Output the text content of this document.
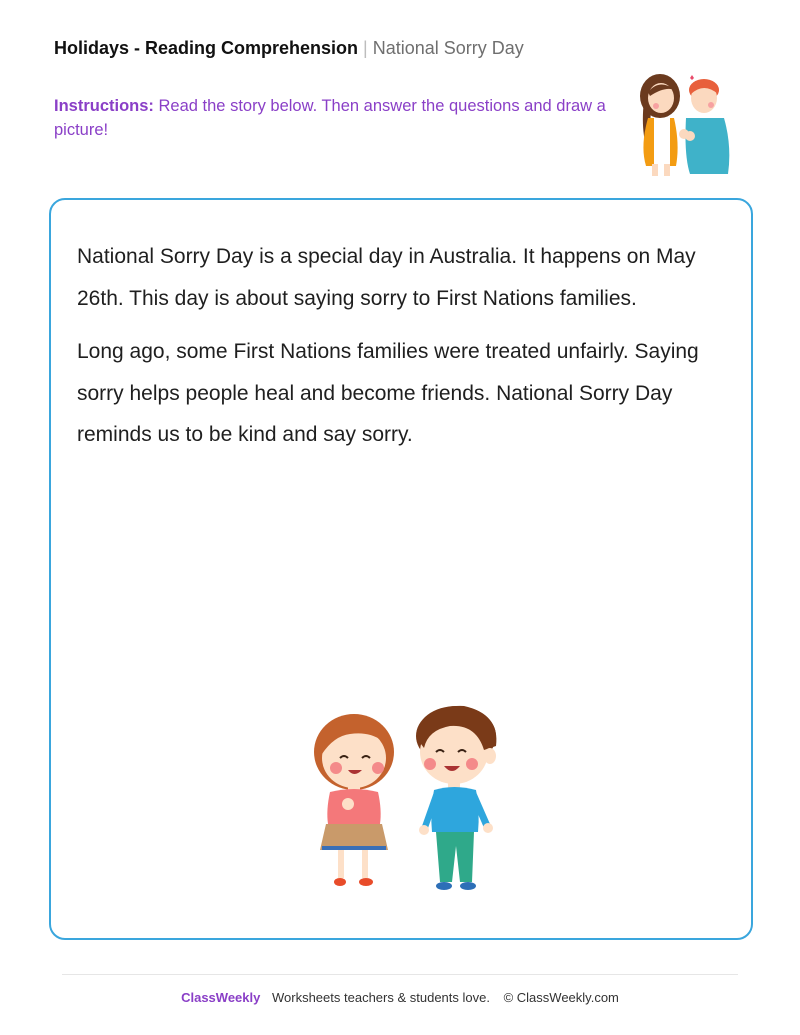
Holidays - Reading Comprehension | National Sorry Day
Instructions: Read the story below. Then answer the questions and draw a picture!

National Sorry Day is a special day in Australia. It happens on May 26th. This day is about saying sorry to First Nations families.

Long ago, some First Nations families were treated unfairly. Saying sorry helps people heal and become friends. National Sorry Day reminds us to be kind and say sorry.

ClassWeekly Worksheets teachers & students love. © ClassWeekly.com
